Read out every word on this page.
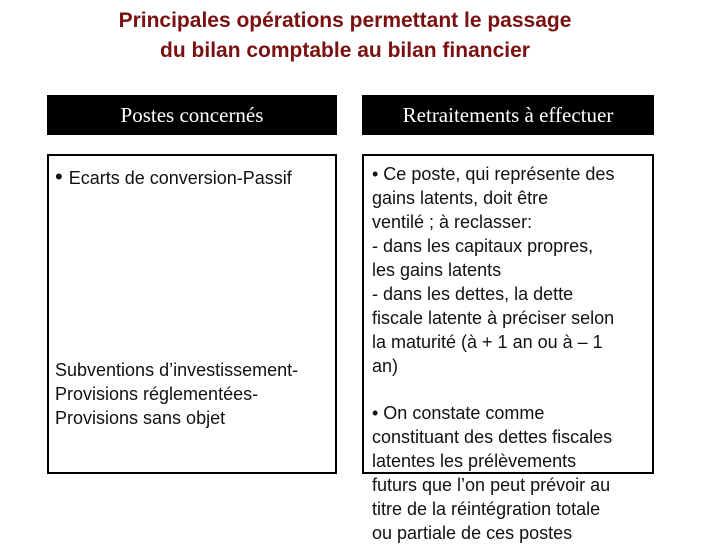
Principales opérations permettant le passage
du bilan comptable au bilan financier
Postes concernés	Retraitements à effectuer
• Ecarts de conversion-Passif
Subventions d’investissement-
Provisions réglementées-
Provisions sans objet
• Ce poste, qui représente des
gains latents, doit être
ventilé ; à reclasser:
- dans les capitaux propres,
les gains latents
- dans les dettes, la dette
fiscale latente à préciser selon
la maturité (à + 1 an ou à – 1
an)
• On constate comme
constituant des dettes fiscales
latentes les prélèvements
futurs que l’on peut prévoir au
titre de la réintégration totale
ou partiale de ces postes
